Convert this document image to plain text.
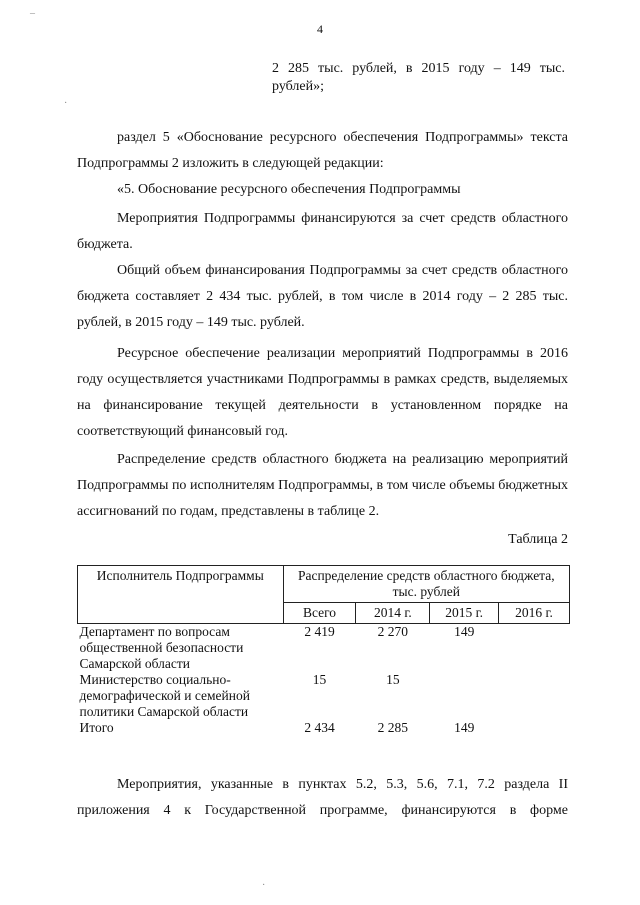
4
2 285 тыс. рублей, в 2015 году – 149 тыс.
рублей»;

раздел 5 «Обоснование ресурсного обеспечения Подпрограммы» текста Подпрограммы 2 изложить в следующей редакции:

«5. Обоснование ресурсного обеспечения Подпрограммы

Мероприятия Подпрограммы финансируются за счет средств областного бюджета.

Общий объем финансирования Подпрограммы за счет средств областного бюджета составляет 2 434 тыс. рублей, в том числе в 2014 году – 2 285 тыс. рублей, в 2015 году – 149 тыс. рублей.

Ресурсное обеспечение реализации мероприятий Подпрограммы в 2016 году осуществляется участниками Подпрограммы в рамках средств, выделяемых на финансирование текущей деятельности в установленном порядке на соответствующий финансовый год.

Распределение средств областного бюджета на реализацию мероприятий Подпрограммы по исполнителям Подпрограммы, в том числе объемы бюджетных ассигнований по годам, представлены в таблице 2.

Таблица 2
Исполнитель Подпрограммы	Распределение средств областного бюджета, тыс. рублей			
	Всего	2014 г.	2015 г.	2016 г.
Департамент по вопросам общественной безопасности Самарской области	2 419	2 270	149	
Министерство социально-демографической и семейной политики Самарской области	15	15		
Итого	2 434	2 285	149	

Мероприятия, указанные в пунктах 5.2, 5.3, 5.6, 7.1, 7.2 раздела II приложения 4 к Государственной программе, финансируются в форме

–
·
·
